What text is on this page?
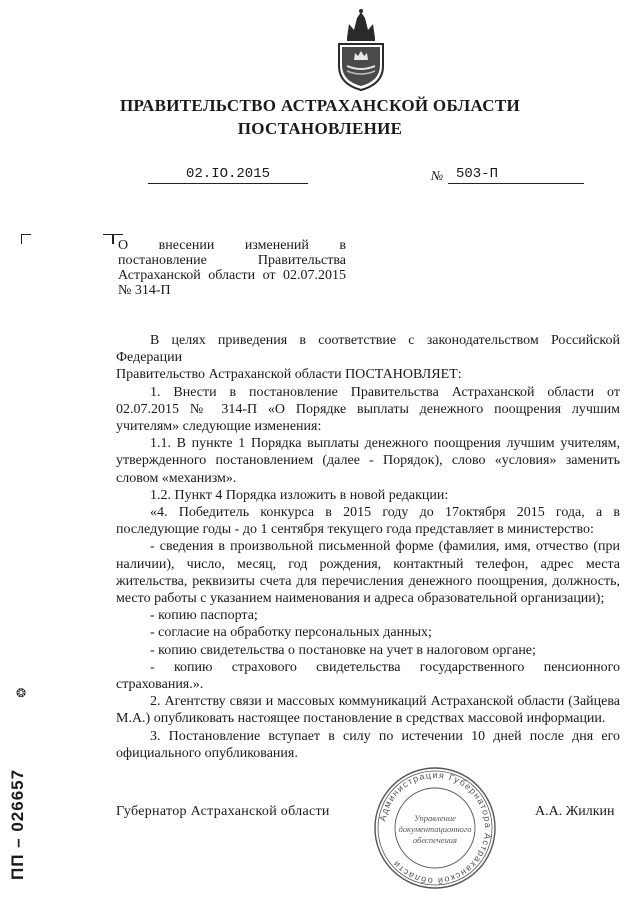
ПРАВИТЕЛЬСТВО АСТРАХАНСКОЙ ОБЛАСТИ
ПОСТАНОВЛЕНИЕ
02.IO.2015	№ 503-П
О внесении изменений в постановление Правительства Астраханской области от 02.07.2015 № 314-П

В целях приведения в соответствие с законодательством Российской Федерации

Правительство Астраханской области ПОСТАНОВЛЯЕТ:

1. Внести в постановление Правительства Астраханской области от 02.07.2015 № 314-П «О Порядке выплаты денежного поощрения лучшим учителям» следующие изменения:

1.1. В пункте 1 Порядка выплаты денежного поощрения лучшим учителям, утвержденного постановлением (далее - Порядок), слово «условия» заменить словом «механизм».

1.2. Пункт 4 Порядка изложить в новой редакции:

«4. Победитель конкурса в 2015 году до 17октября 2015 года, а в последующие годы - до 1 сентября текущего года представляет в министерство:

- сведения в произвольной письменной форме (фамилия, имя, отчество (при наличии), число, месяц, год рождения, контактный телефон, адрес места жительства, реквизиты счета для перечисления денежного поощрения, должность, место работы с указанием наименования и адреса образовательной организации);

- копию паспорта;

- согласие на обработку персональных данных;

- копию свидетельства о постановке на учет в налоговом органе;

- копию страхового свидетельства государственного пенсионного страхования.».

2. Агентству связи и массовых коммуникаций Астраханской области (Зайцева М.А.) опубликовать настоящее постановление в средствах массовой информации.

3. Постановление вступает в силу по истечении 10 дней после дня его официального опубликования.

Губернатор Астраханской области	А.А. Жилкин
Администрация Губернатора Астраханской области
Управление
документационного
обеспечения
❂
ПП – 026657
